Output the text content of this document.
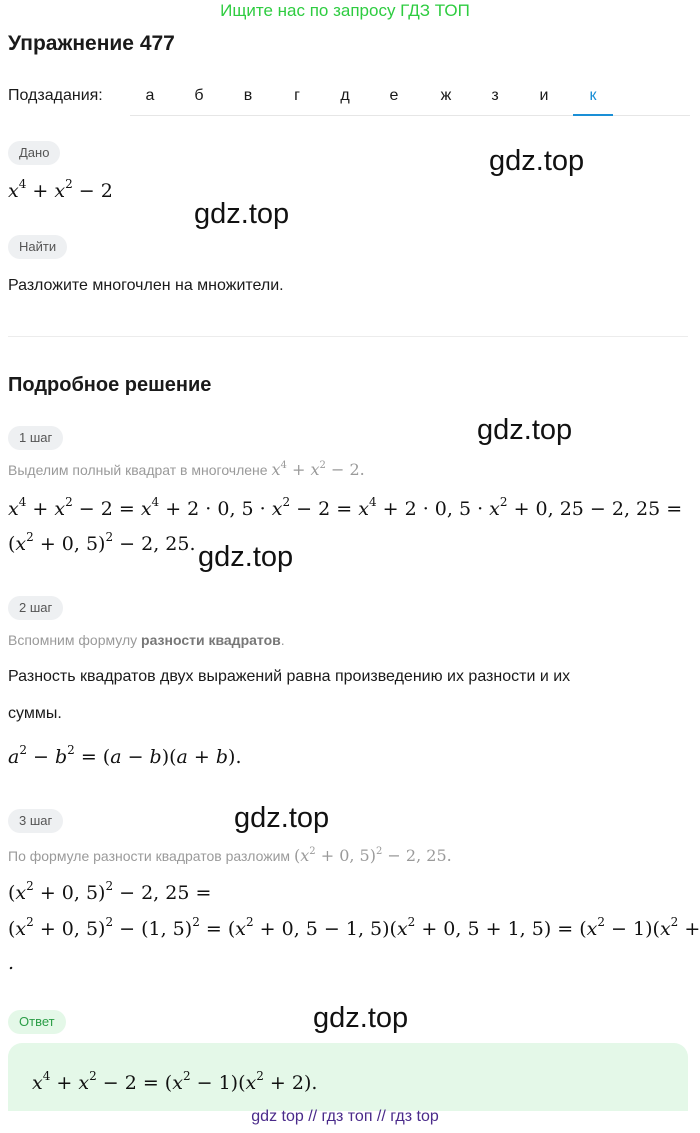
Ищите нас по запросу ГДЗ ТОП
Упражнение 477
Подзадания:	а	б	в	г	д	е	ж	з	и	к
Дано
$x^4 + x^2 - 2$
Найти
Разложите многочлен на множители.
Подробное решение
1 шаг
Выделим полный квадрат в многочлене $x^4 + x^2 - 2$.
$x^4 + x^2 - 2 = x^4 + 2 \cdot 0$, $5 \cdot x^2 - 2 = x^4 + 2 \cdot 0$, $5 \cdot x^2 + 0$, 25 − 2, 25 =
($x^2 + 0$, 5)$^2$ − 2, 25.
2 шаг
Вспомним формулу разности квадратов.
Разность квадратов двух выражений равна произведению их разности и их
суммы.
$a^2 - b^2 = (a - b)(a + b)$.
3 шаг
По формуле разности квадратов разложим ($x^2 + 0$, 5)$^2$ − 2, 25.
($x^2 + 0$, 5)$^2$ − 2, 25 =
($x^2 + 0$, 5)$^2$ − (1, $5)^2 = (x^2 + 0$, 5 − 1, $5)(x^2 + 0$, 5 + 1, $5) = (x^2 - 1)(x^2$ +
.
Ответ
$x^4 + x^2 - 2 = (x^2 - 1)(x^2 + 2)$.
gdz.top
gdz.top
gdz.top
gdz.top
gdz.top
gdz.top
gdz top // гдз топ // гдз top
